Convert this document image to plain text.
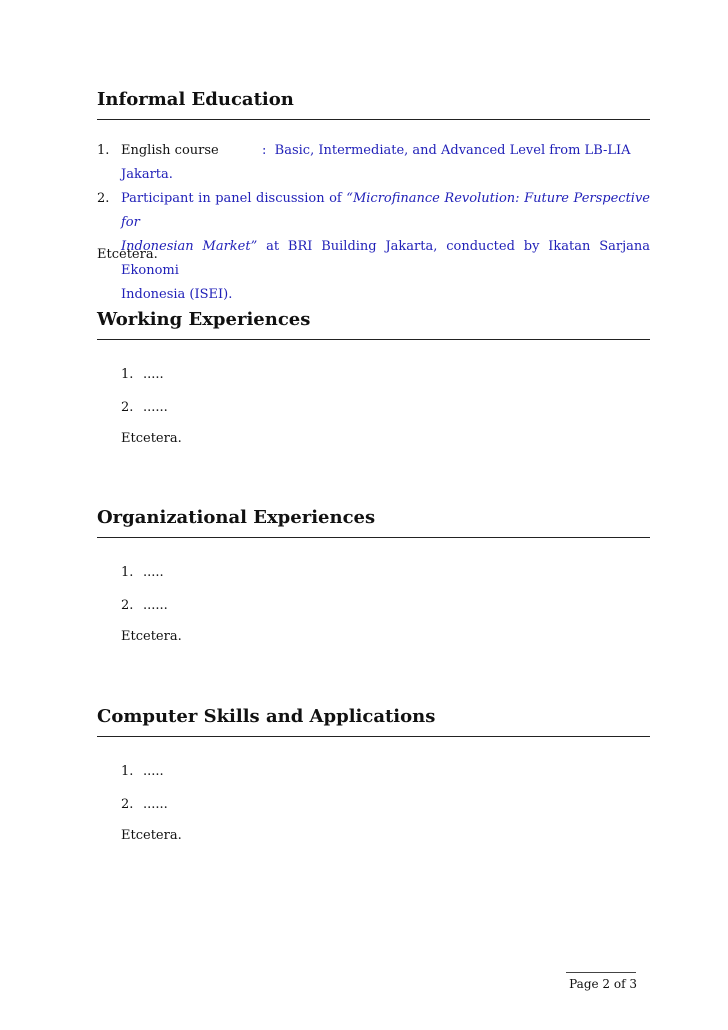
Informal Education
1. English course	: Basic, Intermediate, and Advanced Level from LB-LIA Jakarta.
2. Participant in panel discussion of “Microfinance Revolution: Future Perspective for
Indonesian Market” at BRI Building Jakarta, conducted by Ikatan Sarjana Ekonomi
Indonesia (ISEI).
Etcetera.
Working Experiences
1. .....
2. ......
Etcetera.
Organizational Experiences
1. .....
2. ......
Etcetera.
Computer Skills and Applications
1. .....
2. ......
Etcetera.
Page 2 of 3
